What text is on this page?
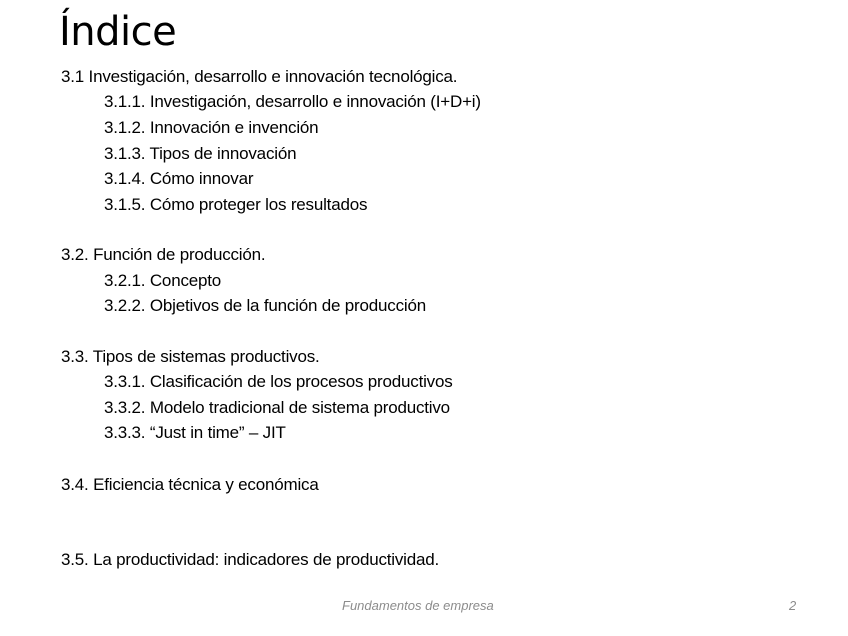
Índice
3.1 Investigación, desarrollo e innovación tecnológica.
3.1.1. Investigación, desarrollo e innovación (I+D+i)
3.1.2. Innovación e invención
3.1.3. Tipos de innovación
3.1.4. Cómo innovar
3.1.5. Cómo proteger los resultados
3.2. Función de producción.
3.2.1. Concepto
3.2.2. Objetivos de la función de producción
3.3. Tipos de sistemas productivos.
3.3.1. Clasificación de los procesos productivos
3.3.2. Modelo tradicional de sistema productivo
3.3.3. “Just in time” – JIT
3.4. Eficiencia técnica y económica
3.5. La productividad: indicadores de productividad.
Fundamentos de empresa	2
